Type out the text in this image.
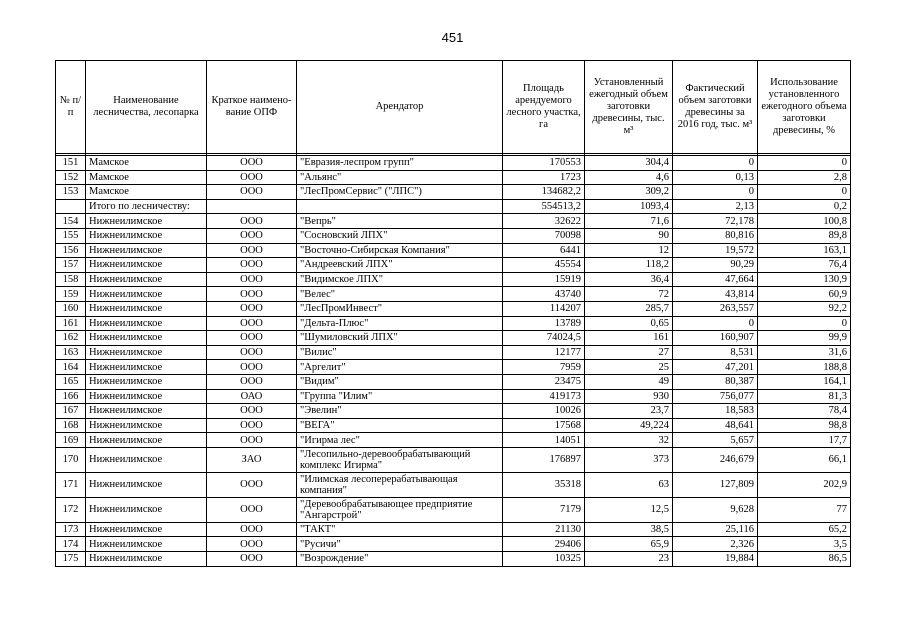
451
№ п/п	Наименование лесничества, лесопарка	Краткое наимено-вание ОПФ	Арендатор	Площадь арендуемого лесного участка, га	Установленный ежегодный объем заготовки древесины, тыс. м³	Фактический объем заготовки древесины за 2016 год, тыс. м³	Использование установленного ежегодного объема заготовки древесины, %

151	Мамское	ООО	"Евразия-леспром групп"	170553	304,4	0	0
152	Мамское	ООО	"Альянс"	1723	4,6	0,13	2,8
153	Мамское	ООО	"ЛесПромСервис" ("ЛПС")	134682,2	309,2	0	0
	Итого по лесничеству:			554513,2	1093,4	2,13	0,2
154	Нижнеилимское	ООО	"Вепрь"	32622	71,6	72,178	100,8
155	Нижнеилимское	ООО	"Сосновский ЛПХ"	70098	90	80,816	89,8
156	Нижнеилимское	ООО	"Восточно-Сибирская Компания"	6441	12	19,572	163,1
157	Нижнеилимское	ООО	"Андреевский ЛПХ"	45554	118,2	90,29	76,4
158	Нижнеилимское	ООО	"Видимское ЛПХ"	15919	36,4	47,664	130,9
159	Нижнеилимское	ООО	"Велес"	43740	72	43,814	60,9
160	Нижнеилимское	ООО	"ЛесПромИнвест"	114207	285,7	263,557	92,2
161	Нижнеилимское	ООО	"Дельта-Плюс"	13789	0,65	0	0
162	Нижнеилимское	ООО	"Шумиловский ЛПХ"	74024,5	161	160,907	99,9
163	Нижнеилимское	ООО	"Вилис"	12177	27	8,531	31,6
164	Нижнеилимское	ООО	"Аргелит"	7959	25	47,201	188,8
165	Нижнеилимское	ООО	"Видим"	23475	49	80,387	164,1
166	Нижнеилимское	ОАО	"Группа "Илим"	419173	930	756,077	81,3
167	Нижнеилимское	ООО	"Эвелин"	10026	23,7	18,583	78,4
168	Нижнеилимское	ООО	"ВЕГА"	17568	49,224	48,641	98,8
169	Нижнеилимское	ООО	"Игирма лес"	14051	32	5,657	17,7
170	Нижнеилимское	ЗАО	"Лесопильно-деревообрабатывающий комплекс Игирма"	176897	373	246,679	66,1
171	Нижнеилимское	ООО	"Илимская лесоперерабатывающая компания"	35318	63	127,809	202,9
172	Нижнеилимское	ООО	"Деревообрабатывающее предприятие "Ангарстрой"	7179	12,5	9,628	77
173	Нижнеилимское	ООО	"ТАКТ"	21130	38,5	25,116	65,2
174	Нижнеилимское	ООО	"Русичи"	29406	65,9	2,326	3,5
175	Нижнеилимское	ООО	"Возрождение"	10325	23	19,884	86,5
